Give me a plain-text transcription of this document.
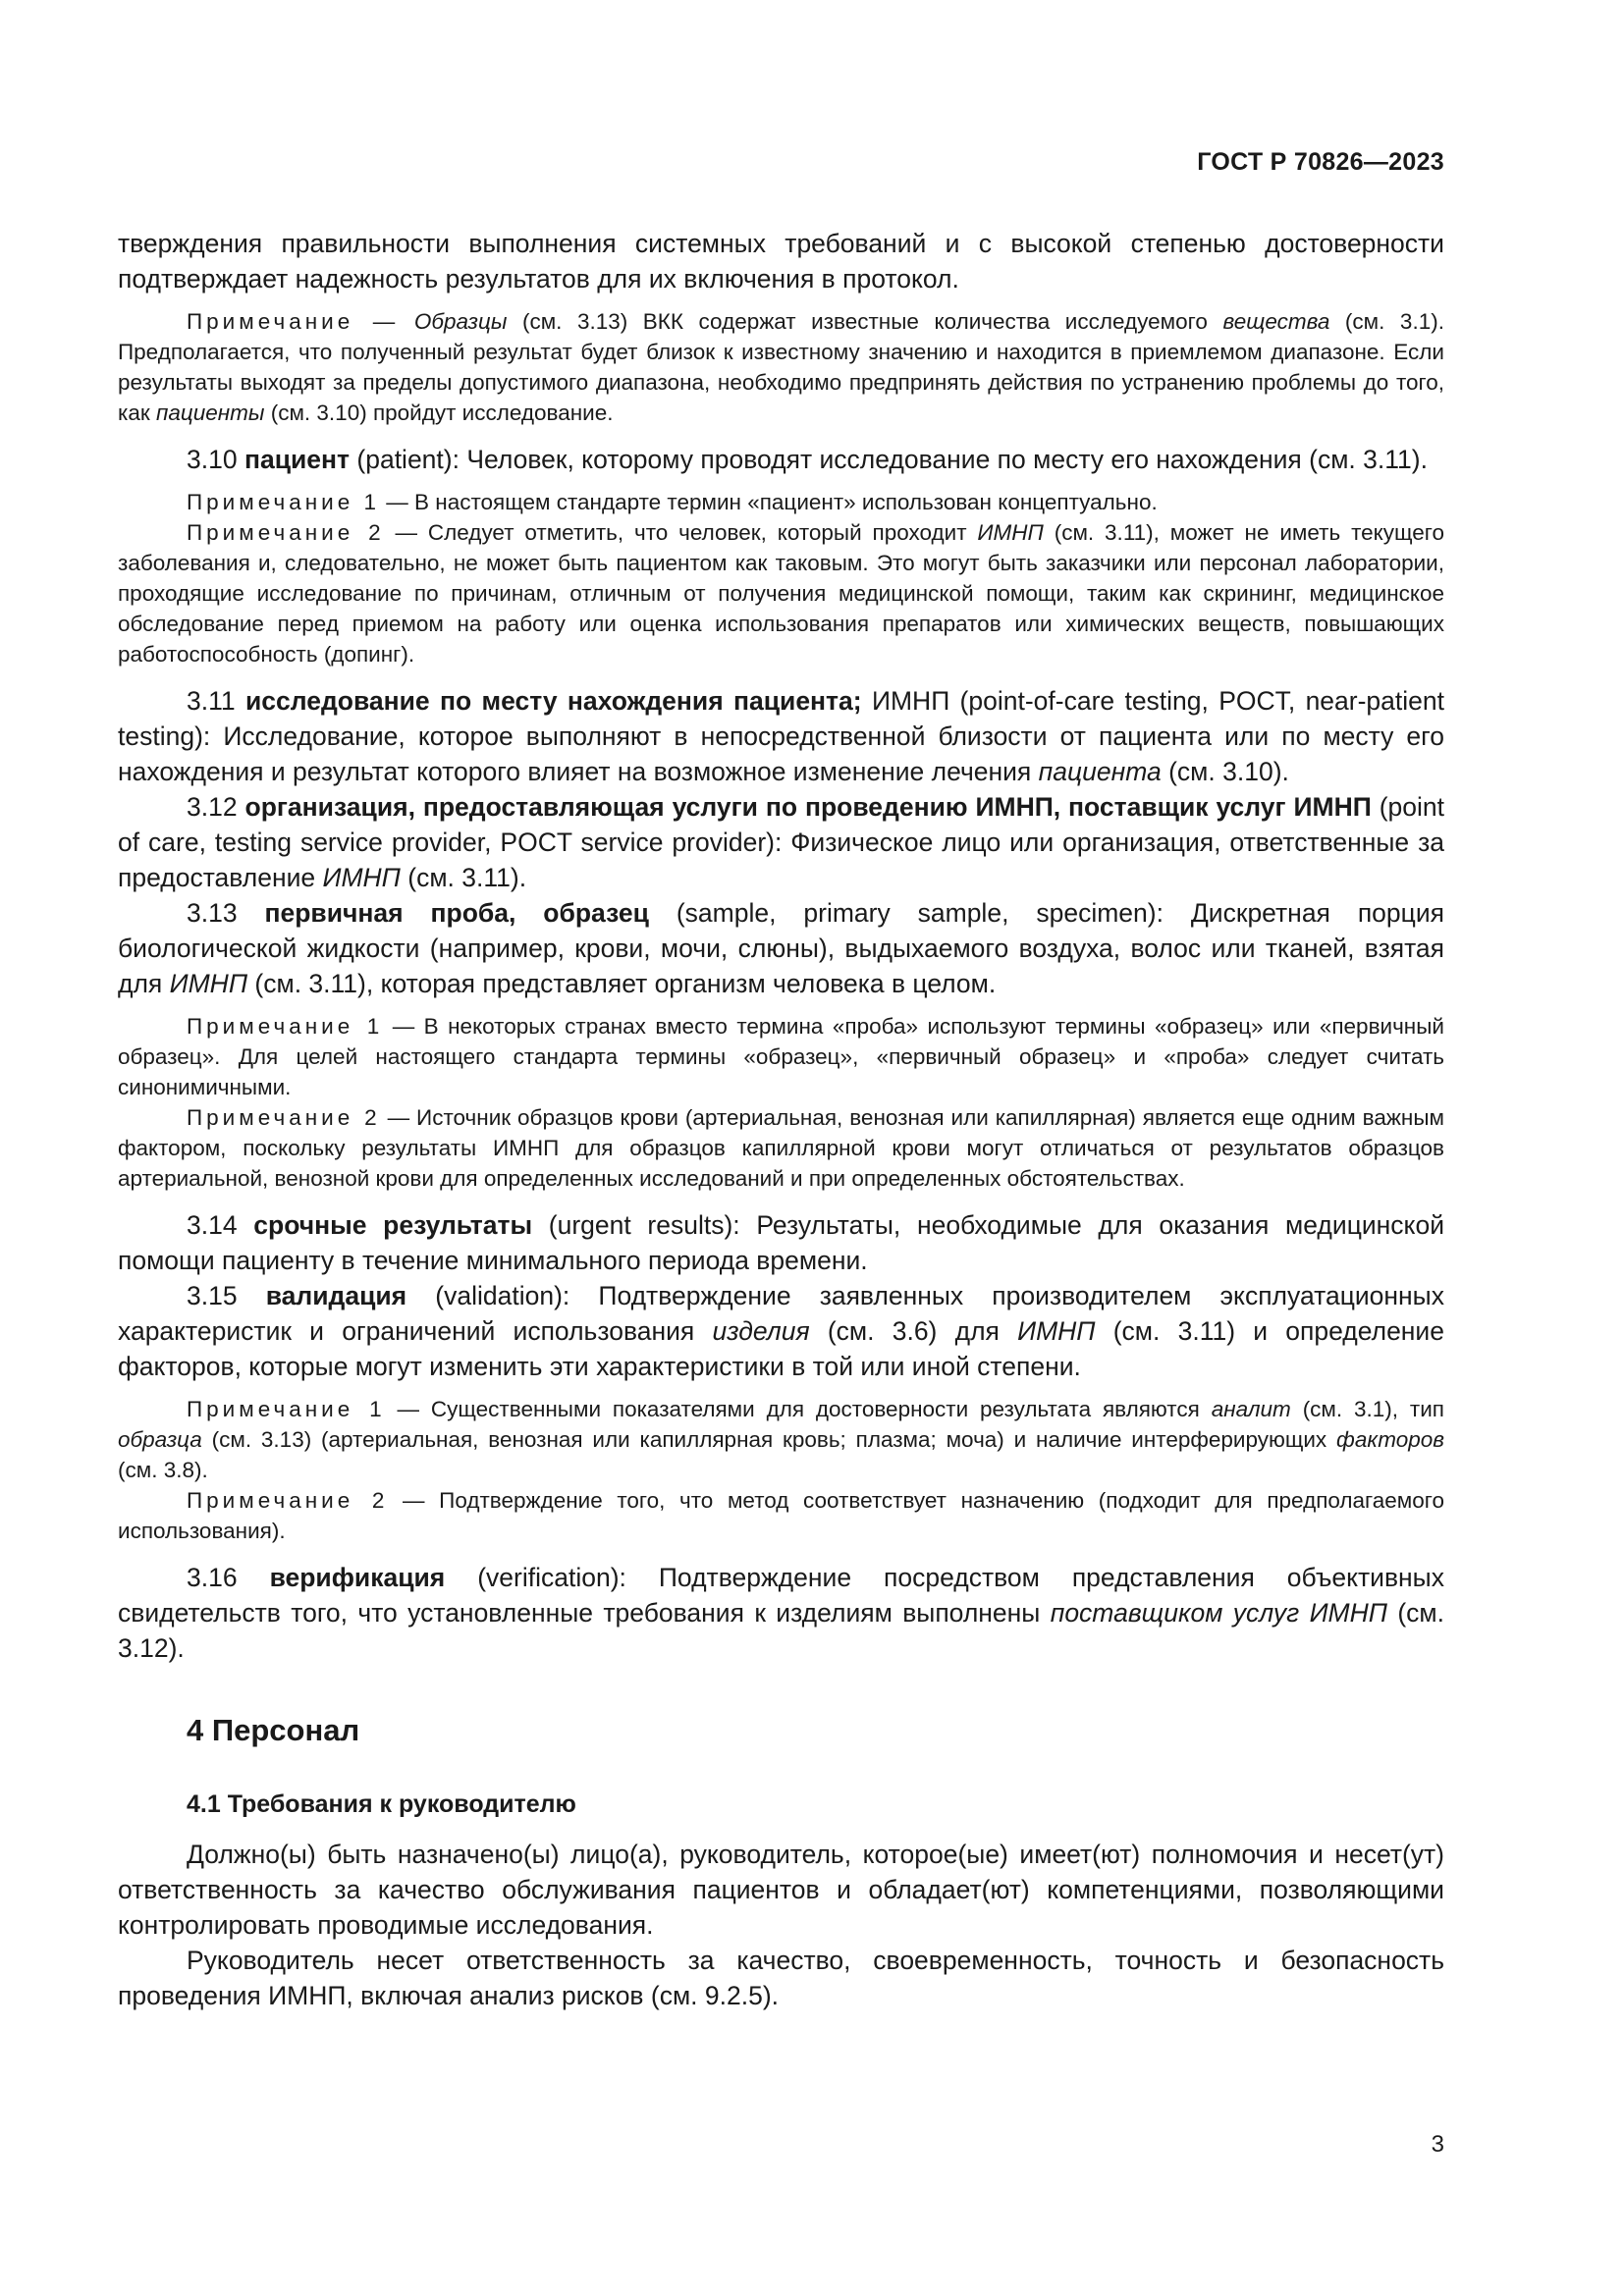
ГОСТ Р 70826—2023

тверждения правильности выполнения системных требований и с высокой степенью достоверности подтверждает надежность результатов для их включения в протокол.

Примечание — Образцы (см. 3.13) ВКК содержат известные количества исследуемого вещества (см. 3.1). Предполагается, что полученный результат будет близок к известному значению и находится в приемлемом диапазоне. Если результаты выходят за пределы допустимого диапазона, необходимо предпринять действия по устранению проблемы до того, как пациенты (см. 3.10) пройдут исследование.

3.10 пациент (patient): Человек, которому проводят исследование по месту его нахождения (см. 3.11).

Примечание 1 — В настоящем стандарте термин «пациент» использован концептуально.

Примечание 2 — Следует отметить, что человек, который проходит ИМНП (см. 3.11), может не иметь текущего заболевания и, следовательно, не может быть пациентом как таковым. Это могут быть заказчики или персонал лаборатории, проходящие исследование по причинам, отличным от получения медицинской помощи, таким как скрининг, медицинское обследование перед приемом на работу или оценка использования препаратов или химических веществ, повышающих работоспособность (допинг).

3.11 исследование по месту нахождения пациента; ИМНП (point-of-care testing, POCT, near-patient testing): Исследование, которое выполняют в непосредственной близости от пациента или по месту его нахождения и результат которого влияет на возможное изменение лечения пациента (см. 3.10).

3.12 организация, предоставляющая услуги по проведению ИМНП, поставщик услуг ИМНП (point of care, testing service provider, POCT service provider): Физическое лицо или организация, ответственные за предоставление ИМНП (см. 3.11).

3.13 первичная проба, образец (sample, primary sample, specimen): Дискретная порция биологической жидкости (например, крови, мочи, слюны), выдыхаемого воздуха, волос или тканей, взятая для ИМНП (см. 3.11), которая представляет организм человека в целом.

Примечание 1 — В некоторых странах вместо термина «проба» используют термины «образец» или «первичный образец». Для целей настоящего стандарта термины «образец», «первичный образец» и «проба» следует считать синонимичными.

Примечание 2 — Источник образцов крови (артериальная, венозная или капиллярная) является еще одним важным фактором, поскольку результаты ИМНП для образцов капиллярной крови могут отличаться от результатов образцов артериальной, венозной крови для определенных исследований и при определенных обстоятельствах.

3.14 срочные результаты (urgent results): Результаты, необходимые для оказания медицинской помощи пациенту в течение минимального периода времени.

3.15 валидация (validation): Подтверждение заявленных производителем эксплуатационных характеристик и ограничений использования изделия (см. 3.6) для ИМНП (см. 3.11) и определение факторов, которые могут изменить эти характеристики в той или иной степени.

Примечание 1 — Существенными показателями для достоверности результата являются аналит (см. 3.1), тип образца (см. 3.13) (артериальная, венозная или капиллярная кровь; плазма; моча) и наличие интерферирующих факторов (см. 3.8).

Примечание 2 — Подтверждение того, что метод соответствует назначению (подходит для предполагаемого использования).

3.16 верификация (verification): Подтверждение посредством представления объективных свидетельств того, что установленные требования к изделиям выполнены поставщиком услуг ИМНП (см. 3.12).

4 Персонал
4.1 Требования к руководителю

Должно(ы) быть назначено(ы) лицо(а), руководитель, которое(ые) имеет(ют) полномочия и несет(ут) ответственность за качество обслуживания пациентов и обладает(ют) компетенциями, позволяющими контролировать проводимые исследования.

Руководитель несет ответственность за качество, своевременность, точность и безопасность проведения ИМНП, включая анализ рисков (см. 9.2.5).

3
